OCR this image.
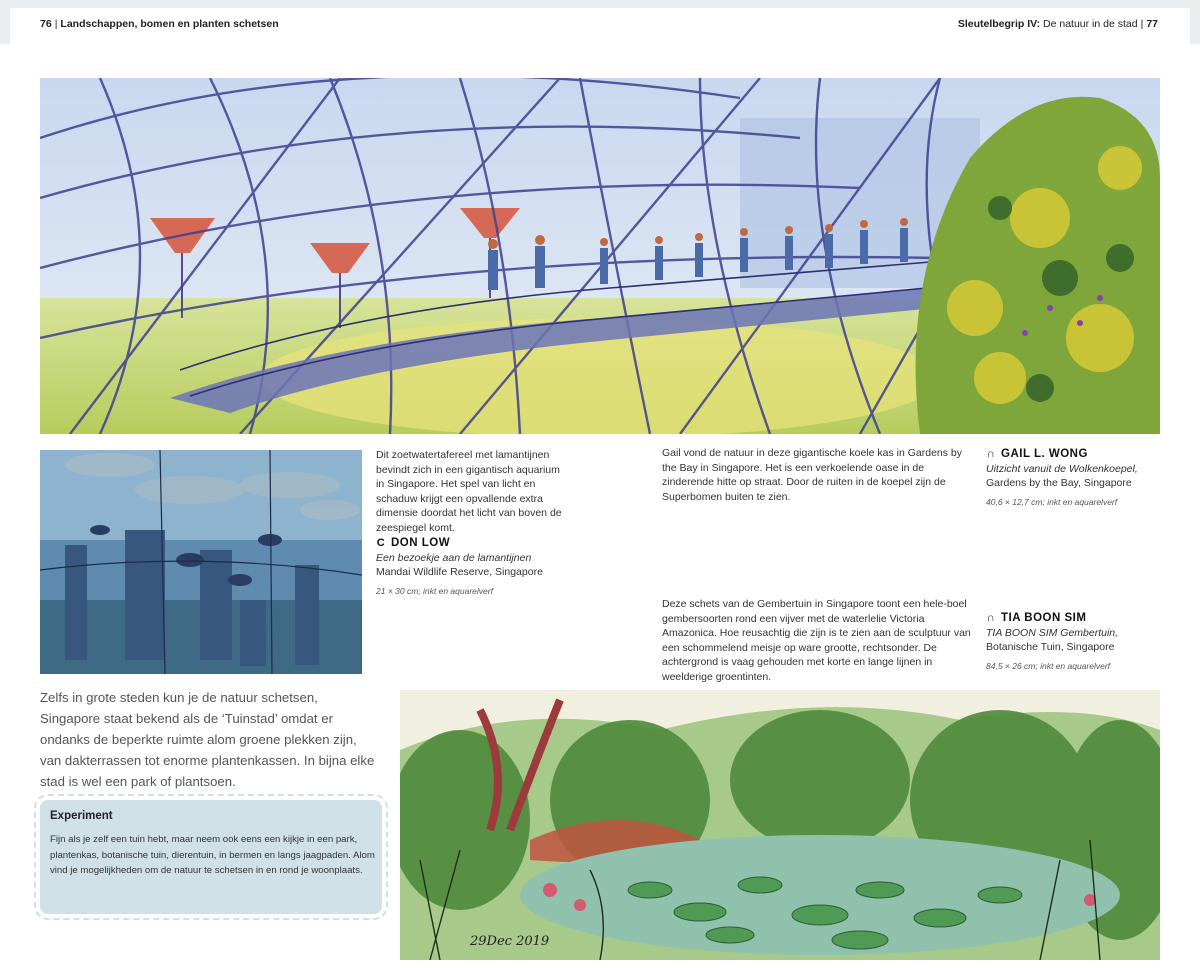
76 | Landschappen, bomen en planten schetsen	Sleutelbegrip IV: De natuur in de stad | 77
Dit zoetwatertafereel met lamantijnen bevindt zich in een gigantisch aquarium in Singapore. Het spel van licht en schaduw krijgt een opvallende extra dimensie doordat het licht van boven de zeespiegel komt.
C DON LOW
Een bezoekje aan de lamantijnen
Mandai Wildlife Reserve, Singapore
21 × 30 cm; inkt en aquarelverf
Gail vond de natuur in deze gigantische koele kas in Gardens by the Bay in Singapore. Het is een verkoelende oase in de zinderende hitte op straat. Door de ruiten in de koepel zijn de Superbomen buiten te zien.
∩ GAIL L. WONG
Uitzicht vanuit de Wolkenkoepel,
Gardens by the Bay, Singapore
40,6 × 12,7 cm; inkt en aquarelverf
Deze schets van de Gembertuin in Singapore toont een hele-boel gembersoorten rond een vijver met de waterlelie Victoria Amazonica. Hoe reusachtig die zijn is te zien aan de sculptuur van een schommelend meisje op ware grootte, rechtsonder. De achtergrond is vaag gehouden met korte en lange lijnen in weelderige groentinten.
∩ TIA BOON SIM
TIA BOON SIM Gembertuin,
Botanische Tuin, Singapore
84,5 × 26 cm; inkt en aquarelverf
Zelfs in grote steden kun je de natuur schetsen, Singapore staat bekend als de ‘Tuinstad’ omdat er ondanks de beperkte ruimte alom groene plekken zijn, van dakterrassen tot enorme plantenkassen. In bijna elke stad is wel een park of plantsoen.
Experiment
Fijn als je zelf een tuin hebt, maar neem ook eens een kijkje in een park, plantenkas, botanische tuin, dierentuin, in bermen en langs jaagpaden. Alom vind je mogelijkheden om de natuur te schetsen in en rond je woonplaats.
29Dec 2019
